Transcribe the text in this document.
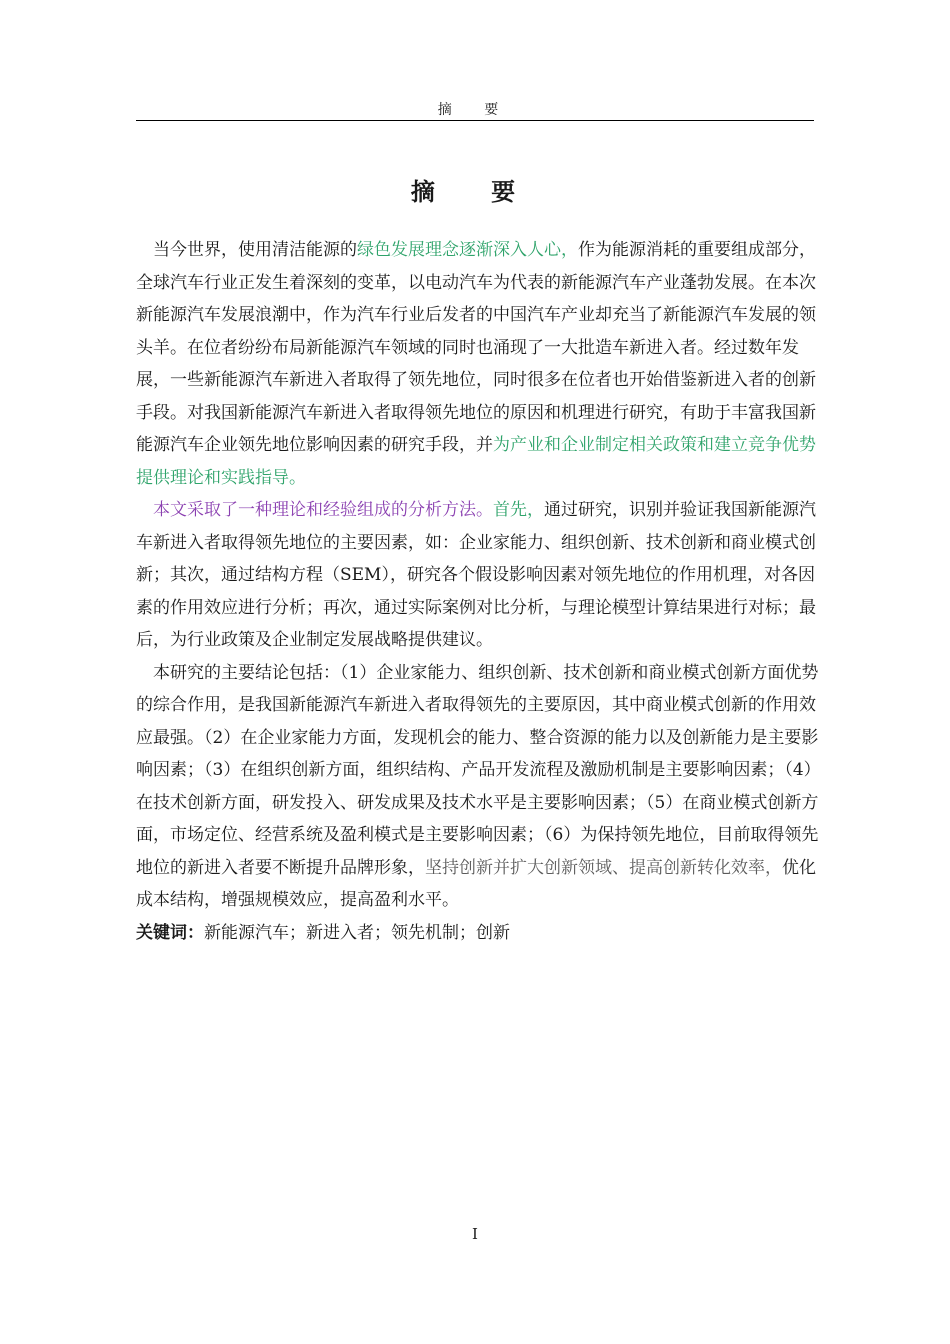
摘 要
摘 要

当今世界，使用清洁能源的绿色发展理念逐渐深入人心，作为能源消耗的重要组成部分，全球汽车行业正发生着深刻的变革，以电动汽车为代表的新能源汽车产业蓬勃发展。在本次新能源汽车发展浪潮中，作为汽车行业后发者的中国汽车产业却充当了新能源汽车发展的领头羊。在位者纷纷布局新能源汽车领域的同时也涌现了一大批造车新进入者。经过数年发展，一些新能源汽车新进入者取得了领先地位，同时很多在位者也开始借鉴新进入者的创新手段。对我国新能源汽车新进入者取得领先地位的原因和机理进行研究，有助于丰富我国新能源汽车企业领先地位影响因素的研究手段，并为产业和企业制定相关政策和建立竞争优势提供理论和实践指导。

本文采取了一种理论和经验组成的分析方法。首先，通过研究，识别并验证我国新能源汽车新进入者取得领先地位的主要因素，如：企业家能力、组织创新、技术创新和商业模式创新；其次，通过结构方程（SEM），研究各个假设影响因素对领先地位的作用机理，对各因素的作用效应进行分析；再次，通过实际案例对比分析，与理论模型计算结果进行对标；最后，为行业政策及企业制定发展战略提供建议。

本研究的主要结论包括：（1）企业家能力、组织创新、技术创新和商业模式创新方面优势的综合作用，是我国新能源汽车新进入者取得领先的主要原因，其中商业模式创新的作用效应最强。（2）在企业家能力方面，发现机会的能力、整合资源的能力以及创新能力是主要影响因素；（3）在组织创新方面，组织结构、产品开发流程及激励机制是主要影响因素；（4）在技术创新方面，研发投入、研发成果及技术水平是主要影响因素；（5）在商业模式创新方面，市场定位、经营系统及盈利模式是主要影响因素；（6）为保持领先地位，目前取得领先地位的新进入者要不断提升品牌形象，坚持创新并扩大创新领域、提高创新转化效率，优化成本结构，增强规模效应，提高盈利水平。

关键词：新能源汽车；新进入者；领先机制；创新

I
